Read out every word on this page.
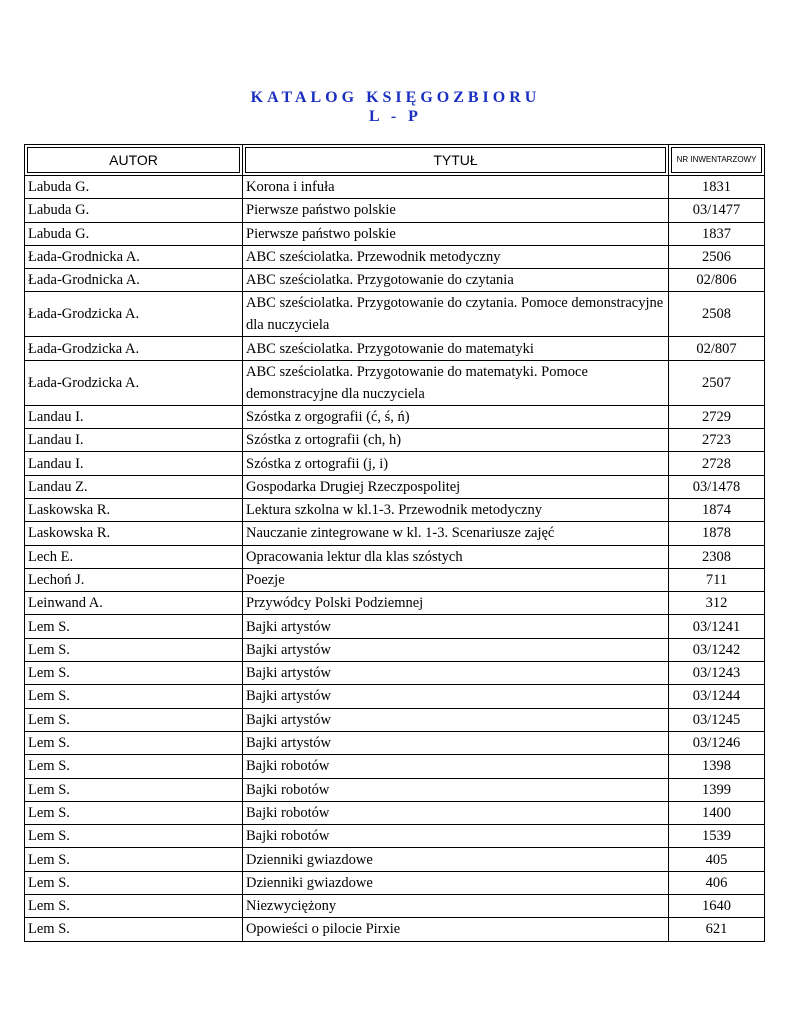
KATALOG KSIĘGOZBIORU
L - P
AUTOR	TYTUŁ	NR INWENTARZOWY

Labuda G.	Korona i infuła	1831
Labuda G.	Pierwsze państwo polskie	03/1477
Labuda G.	Pierwsze państwo polskie	1837
Łada-Grodnicka A.	ABC sześciolatka. Przewodnik metodyczny	2506
Łada-Grodnicka A.	ABC sześciolatka. Przygotowanie do czytania	02/806
Łada-Grodzicka A.	ABC sześciolatka. Przygotowanie do czytania. Pomoce demonstracyjne dla nuczyciela	2508
Łada-Grodzicka A.	ABC sześciolatka. Przygotowanie do matematyki	02/807
Łada-Grodzicka A.	ABC sześciolatka. Przygotowanie do matematyki. Pomoce demonstracyjne dla nuczyciela	2507
Landau I.	Szóstka z orgografii (ć, ś, ń)	2729
Landau I.	Szóstka z ortografii (ch, h)	2723
Landau I.	Szóstka z ortografii (j, i)	2728
Landau Z.	Gospodarka Drugiej Rzeczpospolitej	03/1478
Laskowska R.	Lektura szkolna w kl.1-3. Przewodnik metodyczny	1874
Laskowska R.	Nauczanie zintegrowane w kl. 1-3. Scenariusze zajęć	1878
Lech E.	Opracowania lektur dla klas szóstych	2308
Lechoń J.	Poezje	711
Leinwand A.	Przywódcy Polski Podziemnej	312
Lem S.	Bajki artystów	03/1241
Lem S.	Bajki artystów	03/1242
Lem S.	Bajki artystów	03/1243
Lem S.	Bajki artystów	03/1244
Lem S.	Bajki artystów	03/1245
Lem S.	Bajki artystów	03/1246
Lem S.	Bajki robotów	1398
Lem S.	Bajki robotów	1399
Lem S.	Bajki robotów	1400
Lem S.	Bajki robotów	1539
Lem S.	Dzienniki gwiazdowe	405
Lem S.	Dzienniki gwiazdowe	406
Lem S.	Niezwyciężony	1640
Lem S.	Opowieści o pilocie Pirxie	621
